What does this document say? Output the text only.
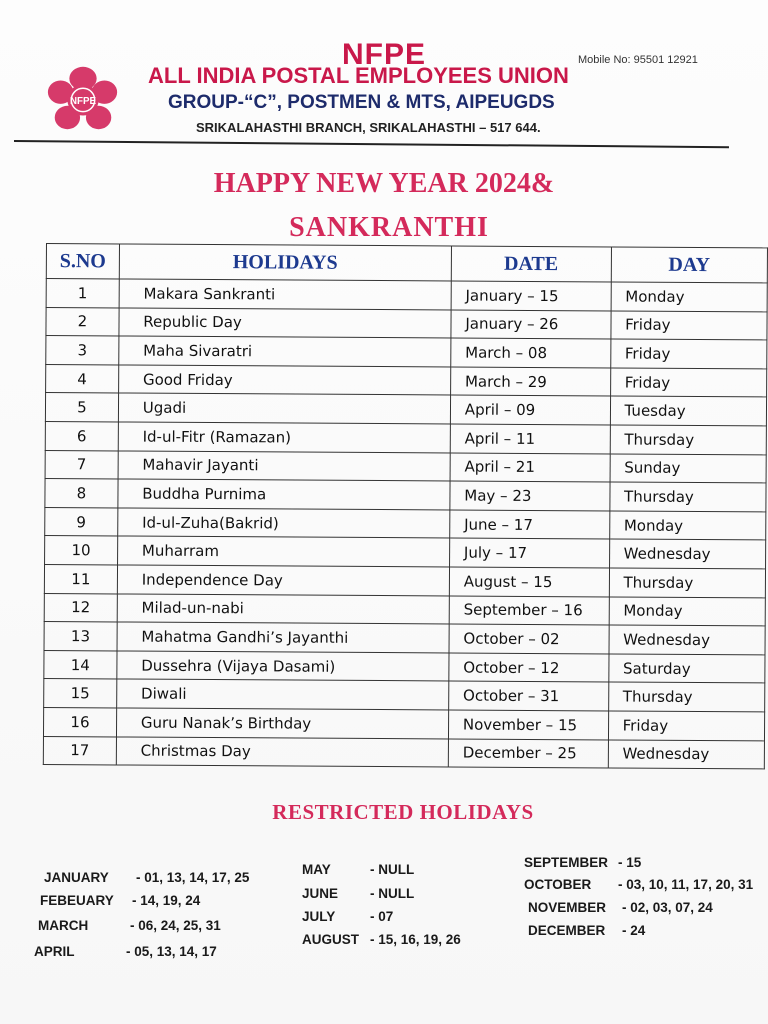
NFPE
NFPE	Mobile No: 95501 12921
ALL INDIA POSTAL EMPLOYEES UNION
GROUP-“C”, POSTMEN & MTS, AIPEUGDS
SRIKALAHASTHI BRANCH, SRIKALAHASTHI – 517 644.
HAPPY NEW YEAR 2024&
SANKRANTHI
S.NO	HOLIDAYS	DATE	DAY
1	Makara Sankranti	January – 15	Monday
2	Republic Day	January – 26	Friday
3	Maha Sivaratri	March – 08	Friday
4	Good Friday	March – 29	Friday
5	Ugadi	April – 09	Tuesday
6	Id-ul-Fitr (Ramazan)	April – 11	Thursday
7	Mahavir Jayanti	April – 21	Sunday
8	Buddha Purnima	May – 23	Thursday
9	Id-ul-Zuha(Bakrid)	June – 17	Monday
10	Muharram	July – 17	Wednesday
11	Independence Day	August – 15	Thursday
12	Milad-un-nabi	September – 16	Monday
13	Mahatma Gandhi’s Jayanthi	October – 02	Wednesday
14	Dussehra (Vijaya Dasami)	October – 12	Saturday
15	Diwali	October – 31	Thursday
16	Guru Nanak’s Birthday	November – 15	Friday
17	Christmas Day	December – 25	Wednesday
RESTRICTED HOLIDAYS
JANUARY - 01, 13, 14, 17, 25
FEBEUARY - 14, 19, 24
MARCH	- 06, 24, 25, 31
APRIL	- 05, 13, 14, 17
MAY	- NULL
JUNE - NULL
JULY	- 07
AUGUST - 15, 16, 19, 26
SEPTEMBER - 15
OCTOBER - 03, 10, 11, 17, 20, 31
NOVEMBER - 02, 03, 07, 24
DECEMBER - 24
